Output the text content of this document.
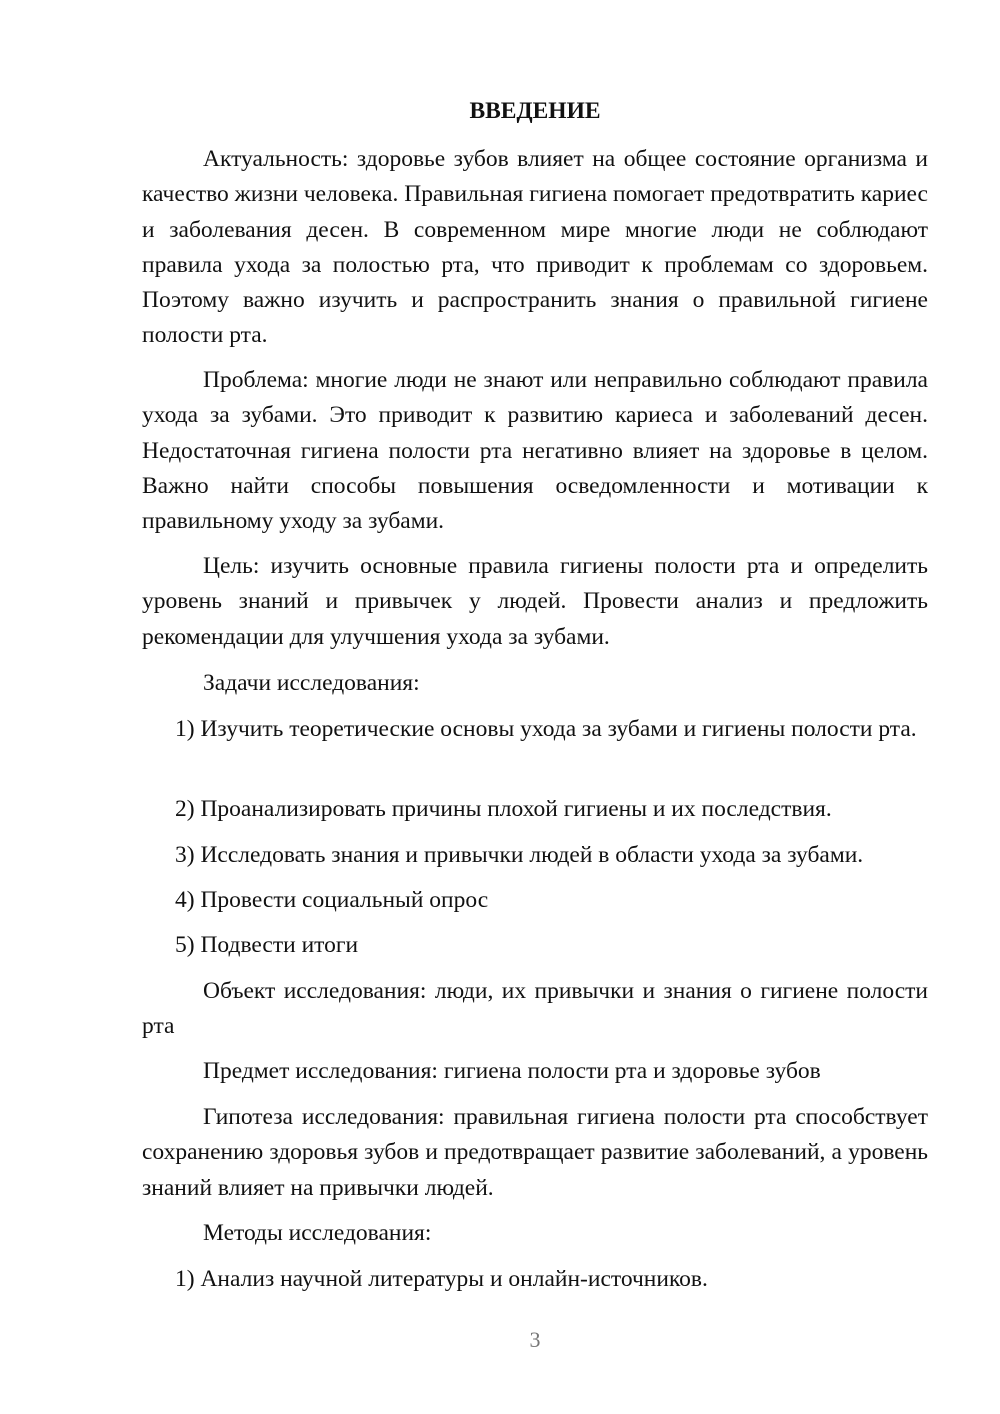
ВВЕДЕНИЕ

Актуальность: здоровье зубов влияет на общее состояние организма и качество жизни человека. Правильная гигиена помогает предотвратить кариес и заболевания десен. В современном мире многие люди не соблюдают правила ухода за полостью рта, что приводит к проблемам со здоровьем. Поэтому важно изучить и распространить знания о правильной гигиене полости рта.

Проблема: многие люди не знают или неправильно соблюдают правила ухода за зубами. Это приводит к развитию кариеса и заболеваний десен. Недостаточная гигиена полости рта негативно влияет на здоровье в целом. Важно найти способы повышения осведомленности и мотивации к правильному уходу за зубами.

Цель: изучить основные правила гигиены полости рта и определить уровень знаний и привычек у людей. Провести анализ и предложить рекомендации для улучшения ухода за зубами.

Задачи исследования:

1) Изучить теоретические основы ухода за зубами и гигиены полости рта.

2) Проанализировать причины плохой гигиены и их последствия.

3) Исследовать знания и привычки людей в области ухода за зубами.

4) Провести социальный опрос

5) Подвести итоги

Объект исследования: люди, их привычки и знания о гигиене полости рта

Предмет исследования: гигиена полости рта и здоровье зубов

Гипотеза исследования: правильная гигиена полости рта способствует сохранению здоровья зубов и предотвращает развитие заболеваний, а уровень знаний влияет на привычки людей.

Методы исследования:

1) Анализ научной литературы и онлайн-источников.

3
